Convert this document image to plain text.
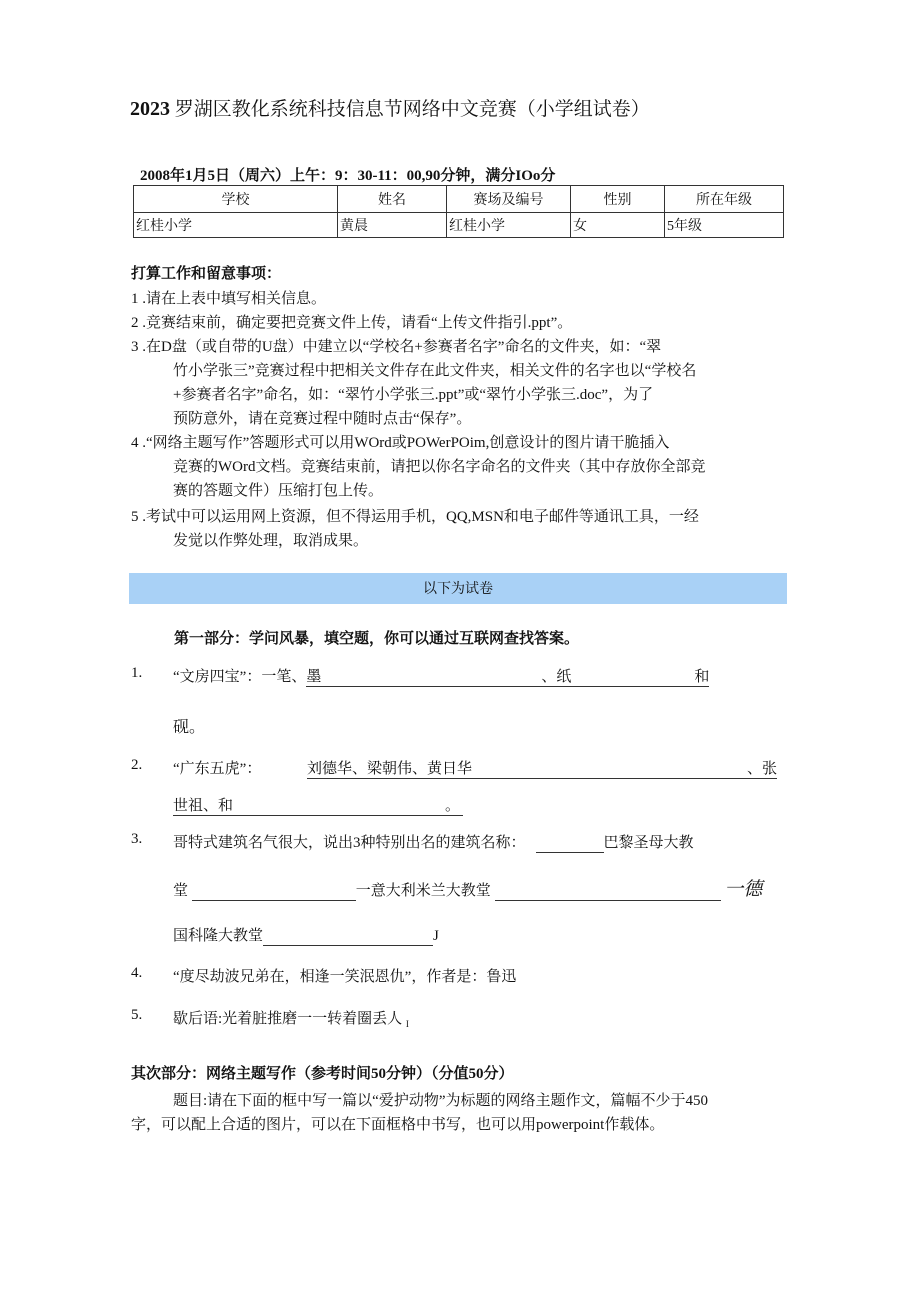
2023 罗湖区教化系统科技信息节网络中文竞赛（小学组试卷）
2008年1月5日（周六）上午：9：30-11：00,90分钟，满分IOo分
学校	姓名	赛场及编号	性别	所在年级
红桂小学	黄晨	红桂小学	女	5年级
打算工作和留意事项：
1 .请在上表中填写相关信息。
2 .竞赛结束前，确定要把竞赛文件上传，请看“上传文件指引.ppt”。
3 .在D盘（或自带的U盘）中建立以“学校名+参赛者名字”命名的文件夹，如：“翠
竹小学张三”竞赛过程中把相关文件存在此文件夹，相关文件的名字也以“学校名
+参赛者名字”命名，如：“翠竹小学张三.ppt”或“翠竹小学张三.doc”，为了
预防意外，请在竞赛过程中随时点击“保存”。
4 .“网络主题写作”答题形式可以用WOrd或POWerPOim,创意设计的图片请干脆插入
竞赛的WOrd文档。竞赛结束前，请把以你名字命名的文件夹（其中存放你全部竞
赛的答题文件）压缩打包上传。
5 .考试中可以运用网上资源，但不得运用手机，QQ,MSN和电子邮件等通讯工具，一经
发觉以作弊处理，取消成果。
以下为试卷
第一部分：学问风暴，填空题，你可以通过互联网查找答案。
1. “文房四宝”：一笔、墨	、纸	和
砚。
2. “广东五虎”：	刘德华、梁朝伟、黄日华	、张
世祖、和	。
3. 哥特式建筑名气很大，说出3种特别出名的建筑名称：	巴黎圣母大教
堂	一意大利米兰大教堂	一德
国科隆大教堂	J
4. “度尽劫波兄弟在，相逢一笑泯恩仇”，作者是：鲁迅
5. 歇后语:光着脏推磨一一转着圈丢人 $_I$
其次部分：网络主题写作（参考时间50分钟）（分值50分）
题目:请在下面的框中写一篇以“爱护动物”为标题的网络主题作文，篇幅不少于450
字，可以配上合适的图片，可以在下面框格中书写，也可以用powerpoint作载体。
